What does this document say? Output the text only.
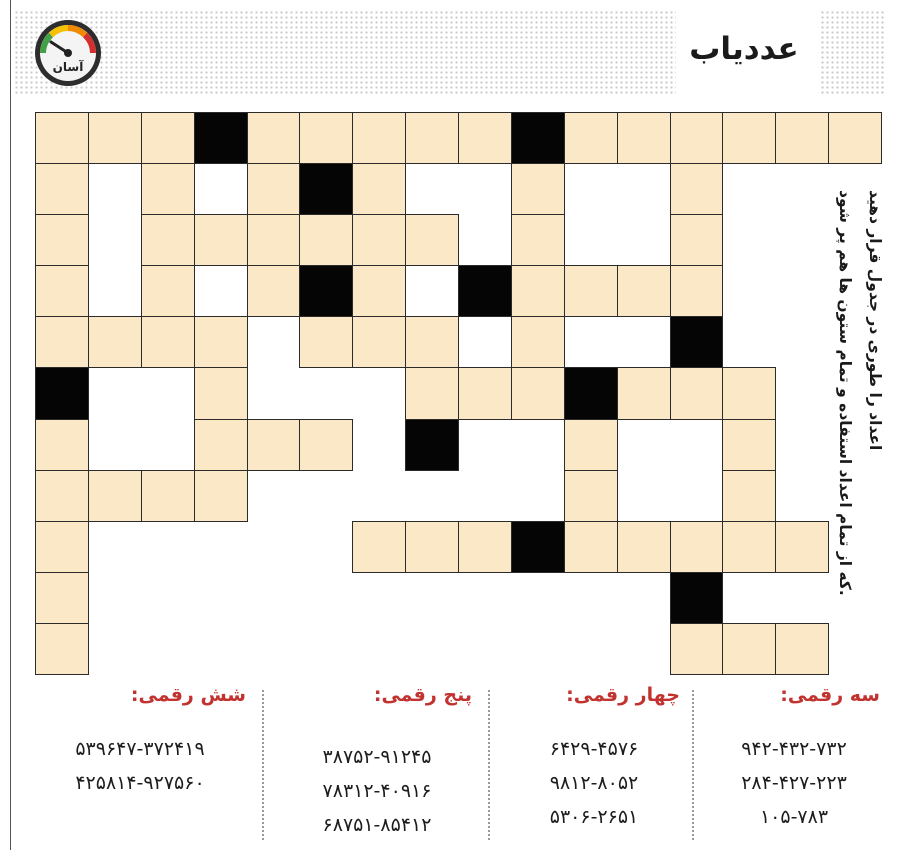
آسان	عددیاب
اعداد را طوری در جدول قرار دهید
که از تمام اعداد استفاده و تمام ستون ها هم پر شود.
سه رقمی:
۹۴۲-۴۳۲-۷۳۲
۲۸۴-۴۲۷-۲۲۳
۱۰۵-۷۸۳
چهار رقمی:
۶۴۲۹-۴۵۷۶
۹۸۱۲-۸۰۵۲
۵۳۰۶-۲۶۵۱
پنج رقمی:
۳۸۷۵۲-۹۱۲۴۵
۷۸۳۱۲-۴۰۹۱۶
۶۸۷۵۱-۸۵۴۱۲
شش رقمی:
۵۳۹۶۴۷-۳۷۲۴۱۹
۴۲۵۸۱۴-۹۲۷۵۶۰
